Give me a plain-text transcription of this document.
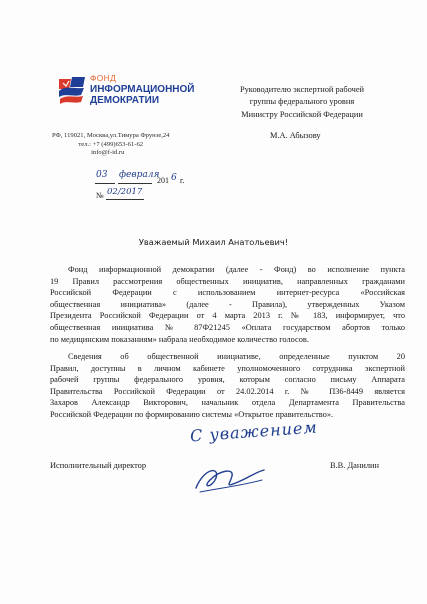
ФОНД
ИНФОРМАЦИОННОЙ
ДЕМОКРАТИИ
РФ, 119021, Москва,ул.Тимура Фрунзе,24
тел.: +7 (499)653-61-62
info@f-id.ru
Руководителю экспертной рабочей
группы федерального уровня
Министру Российской Федерации
М.А. Абызову
03 февраля
201 6 г.
№ 02/2017
Уважаемый Михаил Анатольевич!
Фонд информационной демократии (далее - Фонд) во исполнение пункта
19 Правил рассмотрения общественных инициатив, направленных гражданами
Российской Федерации с использованием интернет-ресурса «Российская
общественная инициатива» (далее - Правила), утвержденных Указом
Президента Российской Федерации от 4 марта 2013 г. № 183, информирует, что
общественная инициатива № 87Ф21245 «Оплата государством абортов только
по медицинским показаниям» набрала необходимое количество голосов.
Сведения об общественной инициативе, определенные пунктом 20
Правил, доступны в личном кабинете уполномоченного сотрудника экспертной
рабочей группы федерального уровня, которым согласно письму Аппарата
Правительства Российской Федерации от 24.02.2014 г. № П36-8449 является
Захаров Александр Викторович, начальник отдела Департамента Правительства
Российской Федерации по формированию системы «Открытое правительство».
С уважением
Исполнительный директор	В.В. Данилин
